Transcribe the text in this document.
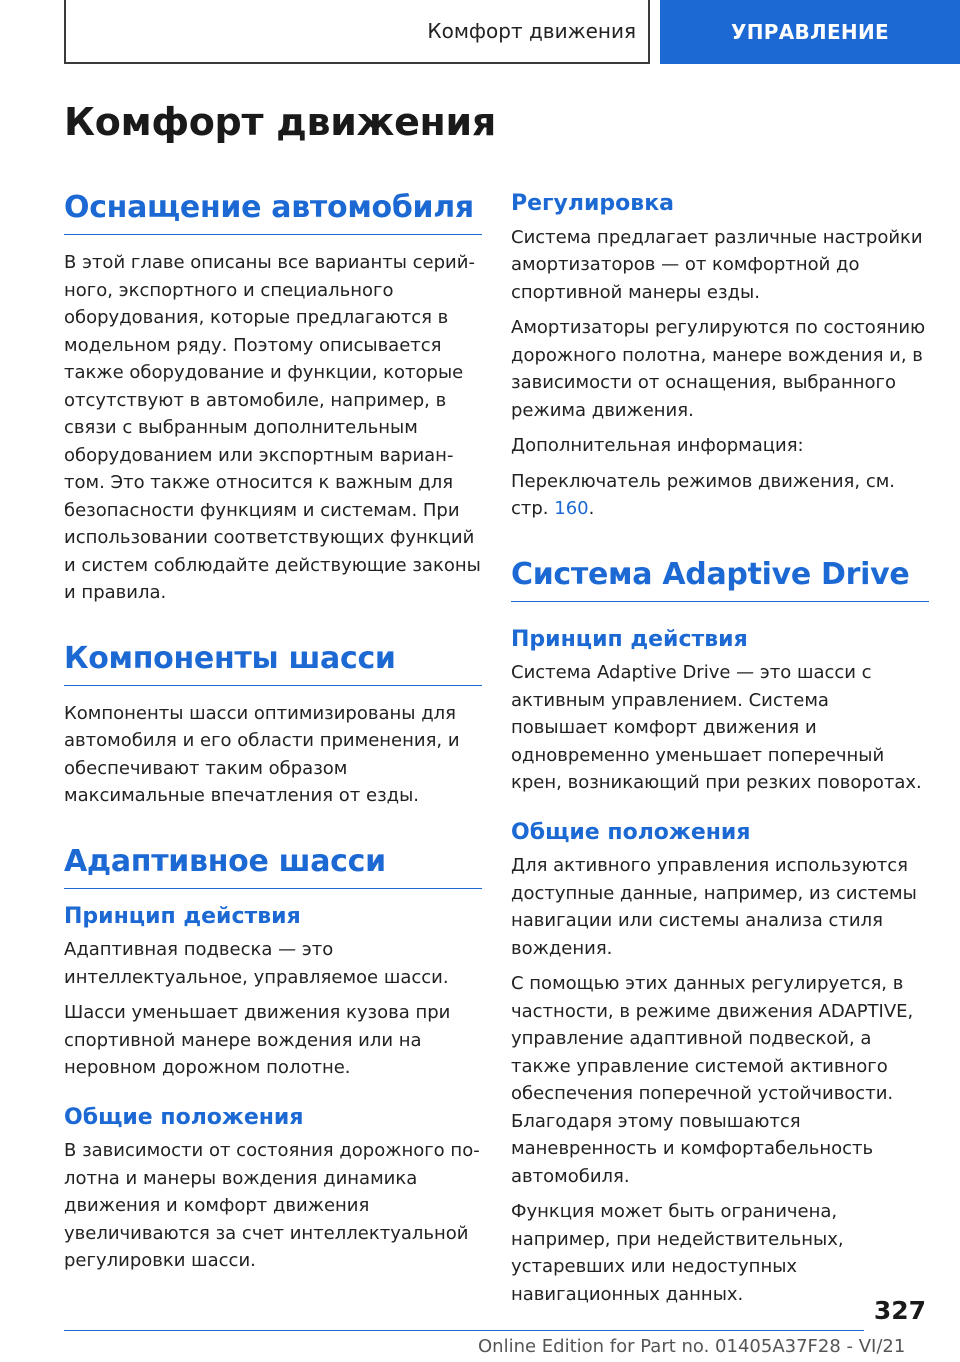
Комфорт движения	УПРАВЛЕНИЕ
Комфорт движения
Оснащение автомобиля

В этой главе описаны все варианты серийного, экспортного и специального оборудования, которые предлагаются в модельном ряду. Поэтому описывается также оборудование и функции, которые отсутствуют в автомобиле, например, в связи с выбранным дополнительным оборудованием или экспортным вариантом. Это также относится к важным для безопасности функциям и системам. При использовании соответствующих функций и систем соблюдайте действующие законы и правила.

Компоненты шасси

Компоненты шасси оптимизированы для автомобиля и его области применения, и обеспечивают таким образом максимальные впечатления от езды.

Адаптивное шасси
Принцип действия

Адаптивная подвеска — это интеллектуальное, управляемое шасси.

Шасси уменьшает движения кузова при спортивной манере вождения или на неровном дорожном полотне.

Общие положения

В зависимости от состояния дорожного полотна и манеры вождения динамика движения и комфорт движения увеличиваются за счет интеллектуальной регулировки шасси.

Регулировка

Система предлагает различные настройки амортизаторов — от комфортной до спортивной манеры езды.

Амортизаторы регулируются по состоянию дорожного полотна, манере вождения и, в зависимости от оснащения, выбранного режима движения.

Дополнительная информация:

Переключатель режимов движения, см. стр. 160.

Система Adaptive Drive
Принцип действия

Система Adaptive Drive — это шасси с активным управлением. Система повышает комфорт движения и одновременно уменьшает поперечный крен, возникающий при резких поворотах.

Общие положения

Для активного управления используются доступные данные, например, из системы навигации или системы анализа стиля вождения.

С помощью этих данных регулируется, в частности, в режиме движения ADAPTIVE, управление адаптивной подвеской, а также управление системой активного обеспечения поперечной устойчивости. Благодаря этому повышаются маневренность и комфортабельность автомобиля.

Функция может быть ограничена, например, при недействительных, устаревших или недоступных навигационных данных.

327
Online Edition for Part no. 01405A37F28 - VI/21
